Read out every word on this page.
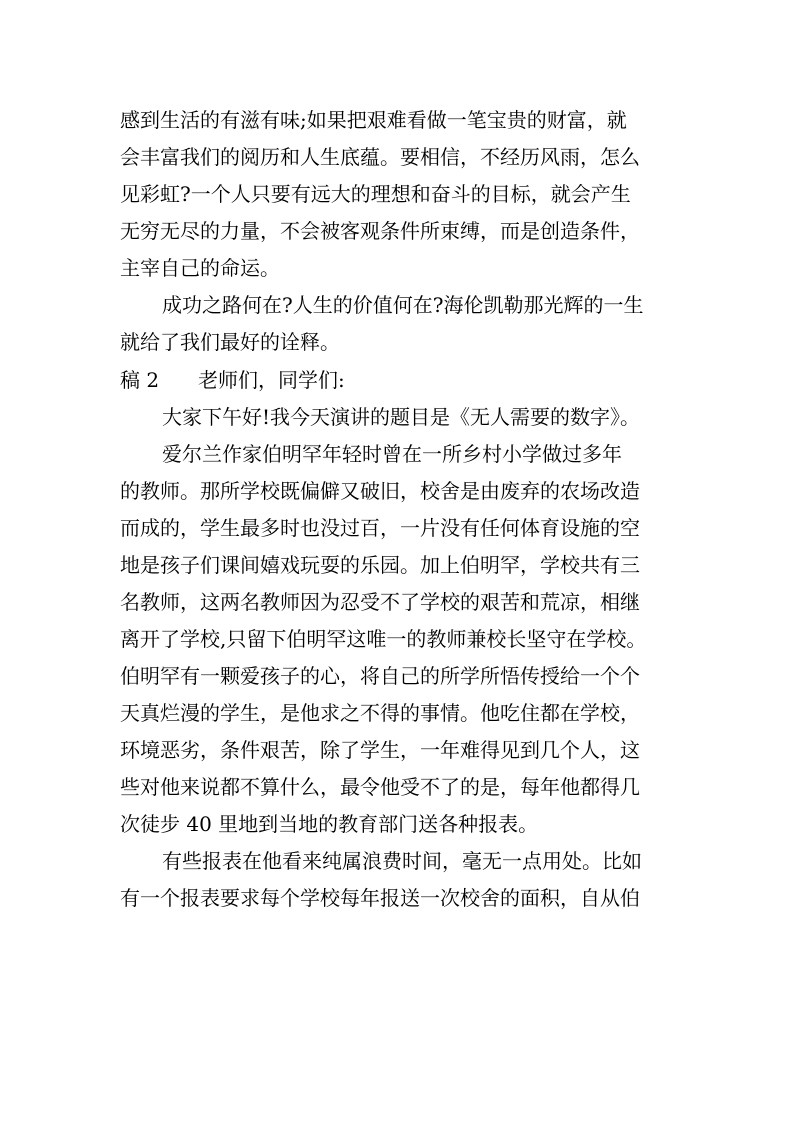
感到生活的有滋有味;如果把艰难看做一笔宝贵的财富，就
会丰富我们的阅历和人生底蕴。要相信，不经历风雨，怎么
见彩虹?一个人只要有远大的理想和奋斗的目标，就会产生
无穷无尽的力量，不会被客观条件所束缚，而是创造条件，
主宰自己的命运。
成功之路何在?人生的价值何在?海伦凯勒那光辉的一生
就给了我们最好的诠释。
稿 2 老师们，同学们:
大家下午好!我今天演讲的题目是《无人需要的数字》。
爱尔兰作家伯明罕年轻时曾在一所乡村小学做过多年
的教师。那所学校既偏僻又破旧，校舍是由废弃的农场改造
而成的，学生最多时也没过百，一片没有任何体育设施的空
地是孩子们课间嬉戏玩耍的乐园。加上伯明罕，学校共有三
名教师，这两名教师因为忍受不了学校的艰苦和荒凉，相继
离开了学校,只留下伯明罕这唯一的教师兼校长坚守在学校。
伯明罕有一颗爱孩子的心，将自己的所学所悟传授给一个个
天真烂漫的学生，是他求之不得的事情。他吃住都在学校，
环境恶劣，条件艰苦，除了学生，一年难得见到几个人，这
些对他来说都不算什么，最令他受不了的是，每年他都得几
次徒步 40 里地到当地的教育部门送各种报表。
有些报表在他看来纯属浪费时间，毫无一点用处。比如
有一个报表要求每个学校每年报送一次校舍的面积，自从伯
